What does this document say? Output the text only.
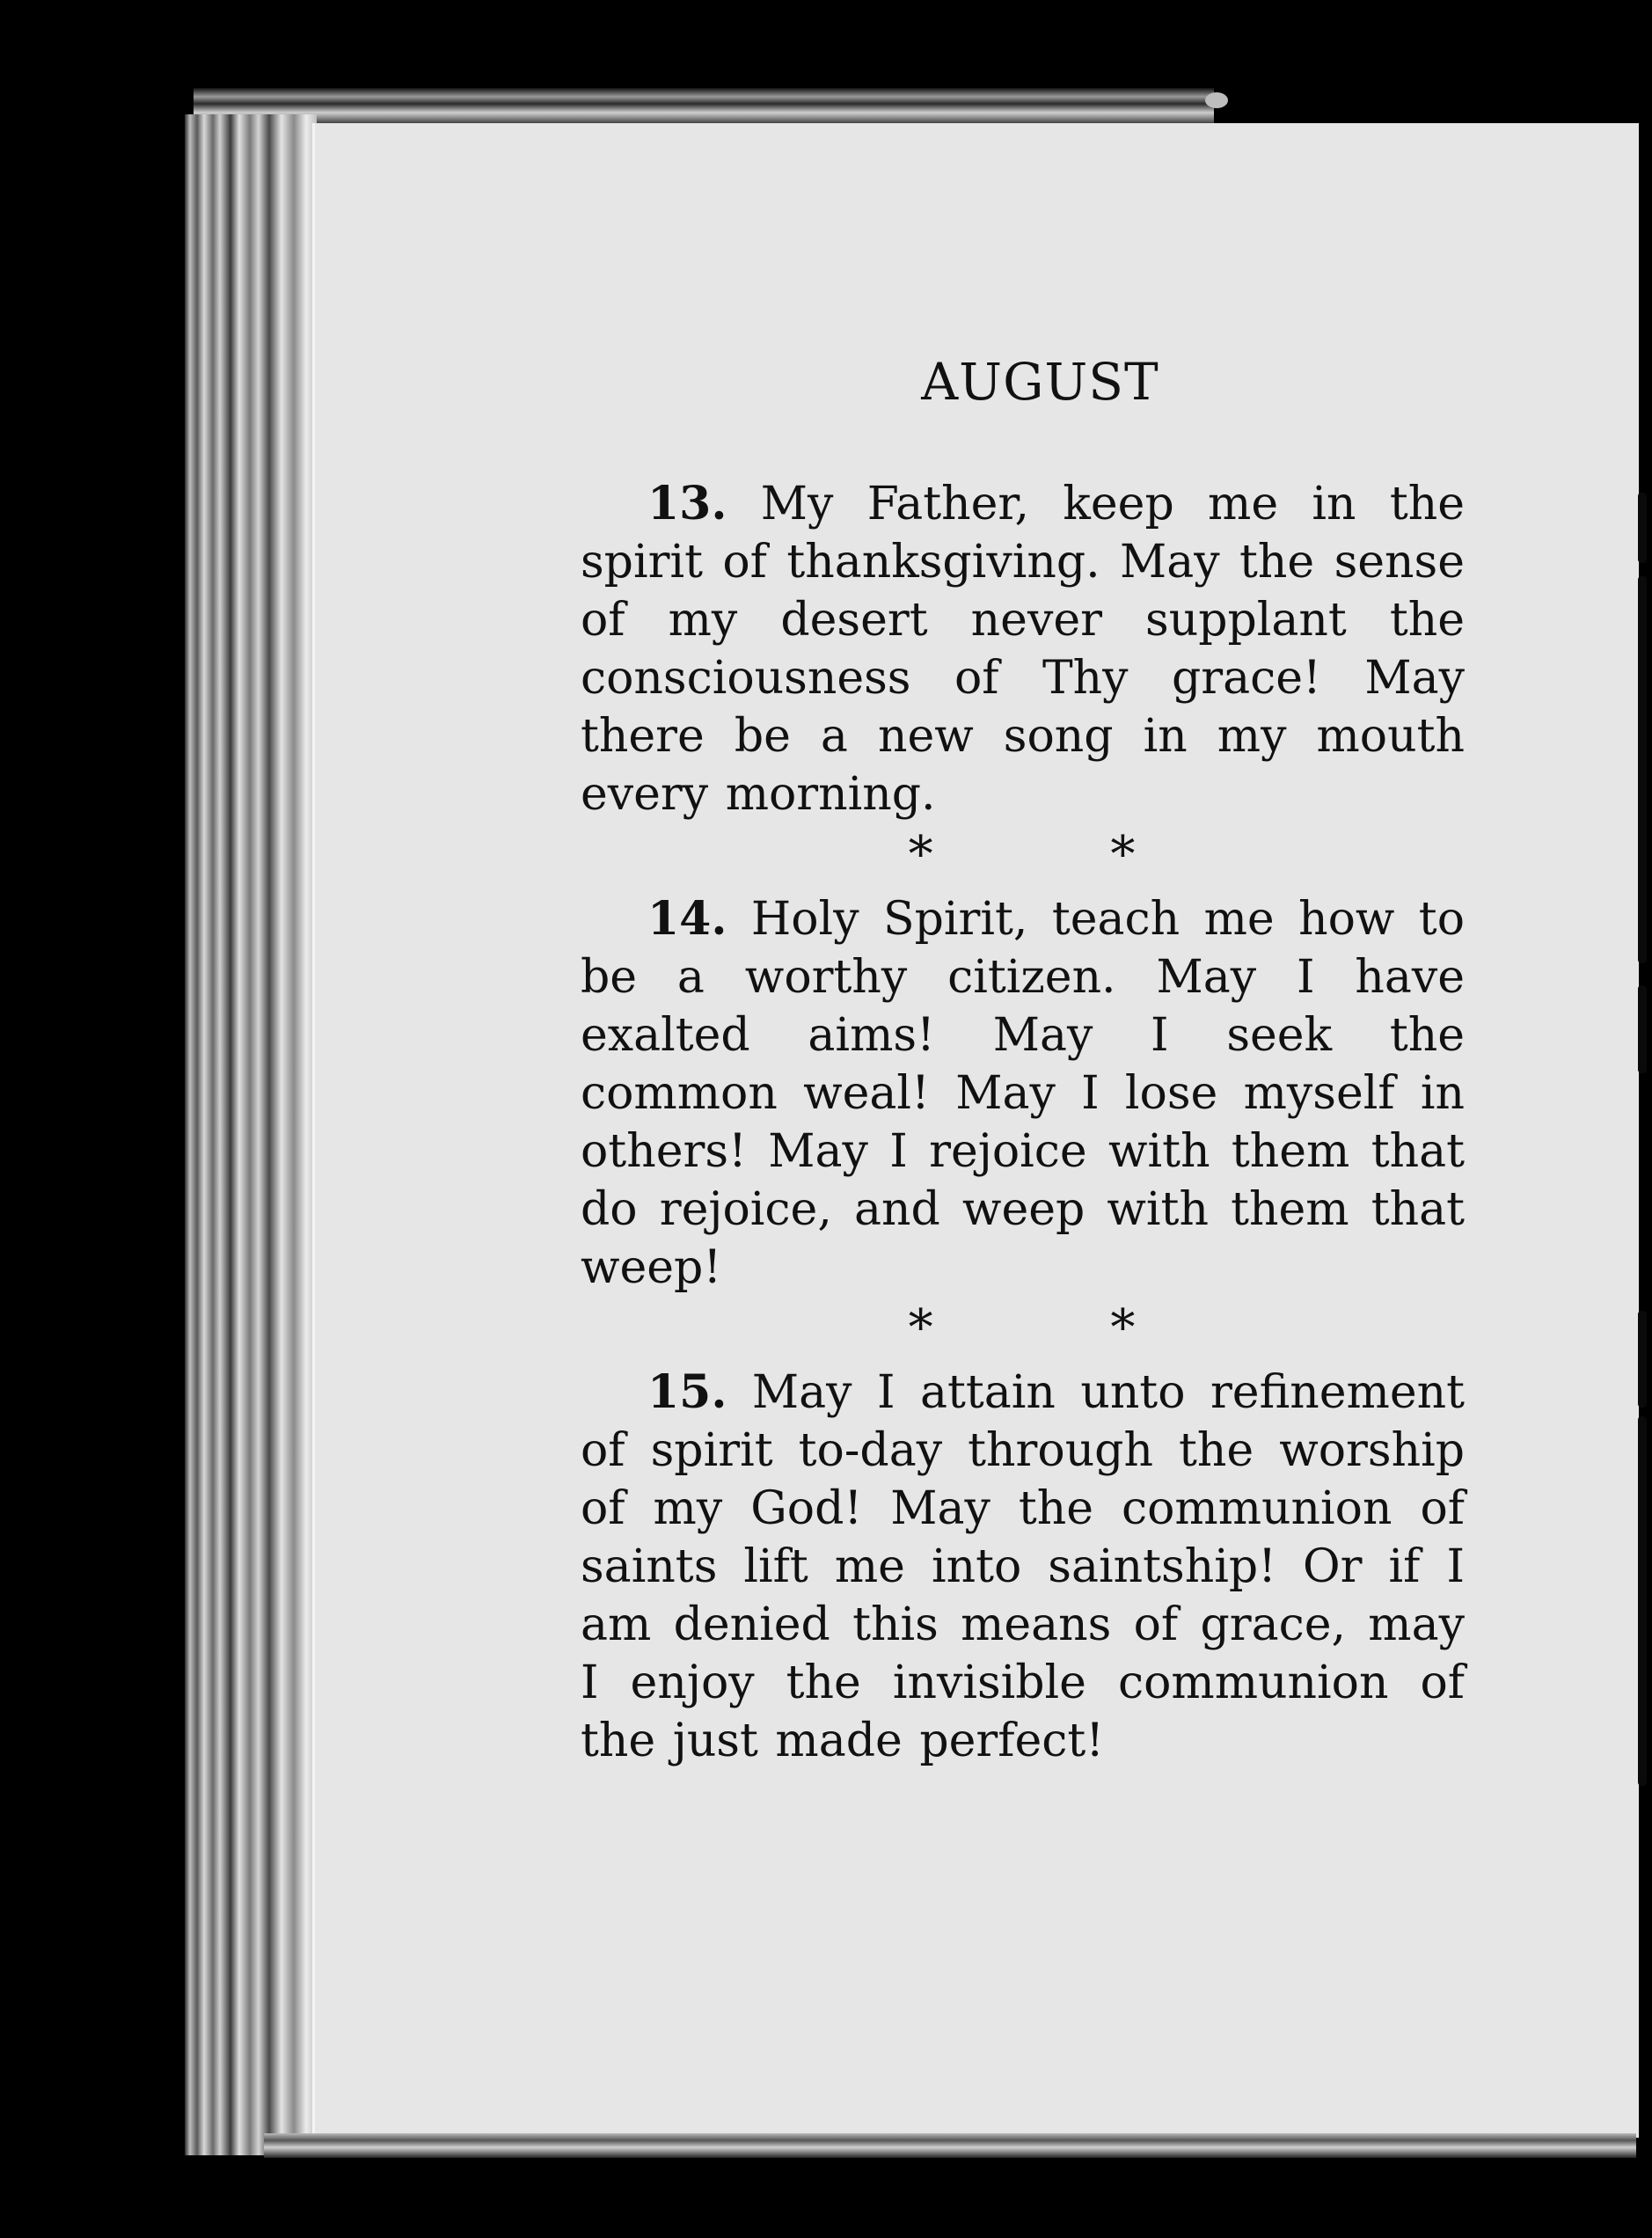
AUGUST

13. My Father, keep me in the spirit of thanksgiving. May the sense of my desert never supplant the consciousness of Thy grace! May there be a new song in my mouth every morning.

* *

14. Holy Spirit, teach me how to be a worthy citizen. May I have exalted aims! May I seek the common weal! May I lose myself in others! May I rejoice with them that do rejoice, and weep with them that weep!

* *

15. May I attain unto refinement of spirit to-day through the worship of my God! May the communion of saints lift me into saintship! Or if I am denied this means of grace, may I enjoy the invisible communion of the just made perfect!
